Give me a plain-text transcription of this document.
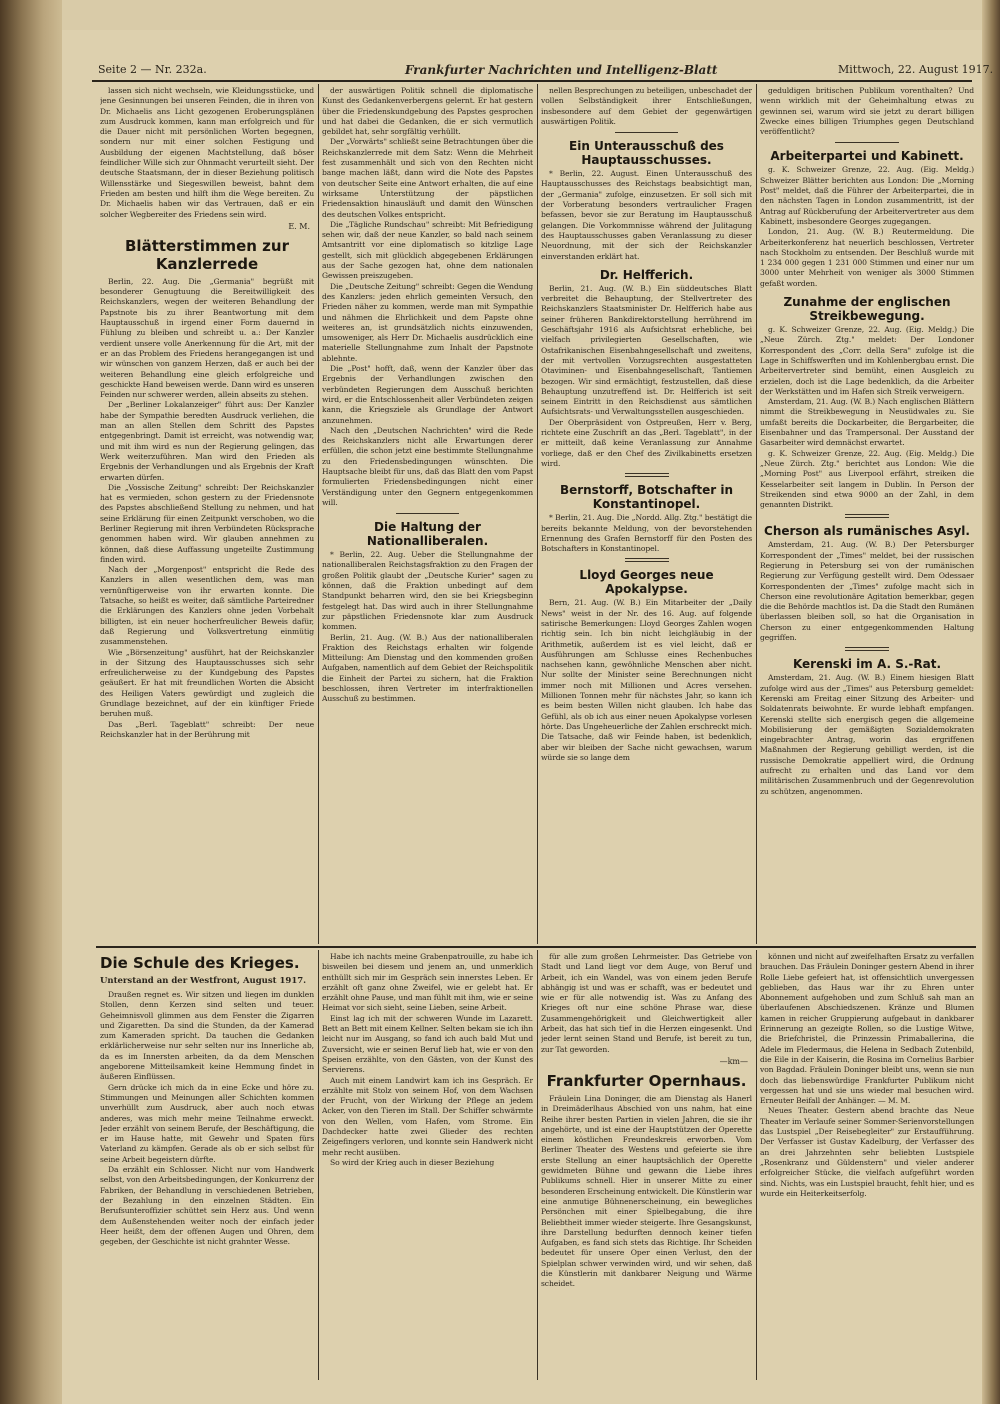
Seite 2 — Nr. 232a.	Frankfurter Nachrichten und Intelligenz-Blatt	Mittwoch, 22. August 1917.

lassen sich nicht wechseln, wie Kleidungsstücke, und jene Gesinnungen bei unseren Feinden, die in ihren von Dr. Michaelis ans Licht gezogenen Eroberungsplänen zum Ausdruck kommen, kann man erfolgreich und für die Dauer nicht mit persönlichen Worten begegnen, sondern nur mit einer solchen Festigung und Ausbildung der eigenen Machtstellung, daß böser feindlicher Wille sich zur Ohnmacht verurteilt sieht. Der deutsche Staatsmann, der in dieser Beziehung politisch Willensstärke und Siegeswillen beweist, bahnt dem Frieden am besten und hilft ihm die Wege bereiten. Zu Dr. Michaelis haben wir das Vertrauen, daß er ein solcher Wegbereiter des Friedens sein wird.

E. M.
Blätterstimmen zur Kanzlerrede

Berlin, 22. Aug. Die „Germania" begrüßt mit besonderer Genugtuung die Bereitwilligkeit des Reichskanzlers, wegen der weiteren Behandlung der Papstnote bis zu ihrer Beantwortung mit dem Hauptausschuß in irgend einer Form dauernd in Fühlung zu bleiben und schreibt u. a.: Der Kanzler verdient unsere volle Anerkennung für die Art, mit der er an das Problem des Friedens herangegangen ist und wir wünschen von ganzem Herzen, daß er auch bei der weiteren Behandlung eine gleich erfolgreiche und geschickte Hand beweisen werde. Dann wird es unseren Feinden nur schwerer werden, allein abseits zu stehen.

Der „Berliner Lokalanzeiger" führt aus: Der Kanzler habe der Sympathie beredten Ausdruck verliehen, die man an allen Stellen dem Schritt des Papstes entgegenbringt. Damit ist erreicht, was notwendig war, und mit ihm wird es nun der Regierung gelingen, das Werk weiterzuführen. Man wird den Frieden als Ergebnis der Verhandlungen und als Ergebnis der Kraft erwarten dürfen.

Die „Vossische Zeitung" schreibt: Der Reichskanzler hat es vermieden, schon gestern zu der Friedensnote des Papstes abschließend Stellung zu nehmen, und hat seine Erklärung für einen Zeitpunkt verschoben, wo die Berliner Regierung mit ihren Verbündeten Rücksprache genommen haben wird. Wir glauben annehmen zu können, daß diese Auffassung ungeteilte Zustimmung finden wird.

Nach der „Morgenpost" entspricht die Rede des Kanzlers in allen wesentlichen dem, was man vernünftigerweise von ihr erwarten konnte. Die Tatsache, so heißt es weiter, daß sämtliche Parteiredner die Erklärungen des Kanzlers ohne jeden Vorbehalt billigten, ist ein neuer hocherfreulicher Beweis dafür, daß Regierung und Volksvertretung einmütig zusammenstehen.

Wie „Börsenzeitung" ausführt, hat der Reichskanzler in der Sitzung des Hauptausschusses sich sehr erfreulicherweise zu der Kundgebung des Papstes geäußert. Er hat mit freundlichen Worten die Absicht des Heiligen Vaters gewürdigt und zugleich die Grundlage bezeichnet, auf der ein künftiger Friede beruhen muß.

Das „Berl. Tageblatt" schreibt: Der neue Reichskanzler hat in der Berührung mit

der auswärtigen Politik schnell die diplomatische Kunst des Gedankenverbergens gelernt. Er hat gestern über die Friedenskundgebung des Papstes gesprochen und hat dabei die Gedanken, die er sich vermutlich gebildet hat, sehr sorgfältig verhüllt.

Der „Vorwärts" schließt seine Betrachtungen über die Reichskanzlerrede mit dem Satz: Wenn die Mehrheit fest zusammenhält und sich von den Rechten nicht bange machen läßt, dann wird die Note des Papstes von deutscher Seite eine Antwort erhalten, die auf eine wirksame Unterstützung der päpstlichen Friedensaktion hinausläuft und damit den Wünschen des deutschen Volkes entspricht.

Die „Tägliche Rundschau" schreibt: Mit Befriedigung sehen wir, daß der neue Kanzler, so bald nach seinem Amtsantritt vor eine diplomatisch so kitzlige Lage gestellt, sich mit glücklich abgegebenen Erklärungen aus der Sache gezogen hat, ohne dem nationalen Gewissen preiszugeben.

Die „Deutsche Zeitung" schreibt: Gegen die Wendung des Kanzlers: jeden ehrlich gemeinten Versuch, den Frieden näher zu kommen, werde man mit Sympathie und nähmen die Ehrlichkeit und dem Papste ohne weiteres an, ist grundsätzlich nichts einzuwenden, umsoweniger, als Herr Dr. Michaelis ausdrücklich eine materielle Stellungnahme zum Inhalt der Papstnote ablehnte.

Die „Post" hofft, daß, wenn der Kanzler über das Ergebnis der Verhandlungen zwischen den verbündeten Regierungen dem Ausschuß berichten wird, er die Entschlossenheit aller Verbündeten zeigen kann, die Kriegsziele als Grundlage der Antwort anzunehmen.

Nach den „Deutschen Nachrichten" wird die Rede des Reichskanzlers nicht alle Erwartungen derer erfüllen, die schon jetzt eine bestimmte Stellungnahme zu den Friedensbedingungen wünschten. Die Hauptsache bleibt für uns, daß das Blatt den vom Papst formulierten Friedensbedingungen nicht einer Verständigung unter den Gegnern entgegenkommen will.

Die Haltung der Nationalliberalen.

* Berlin, 22. Aug. Ueber die Stellungnahme der nationalliberalen Reichstagsfraktion zu den Fragen der großen Politik glaubt der „Deutsche Kurier" sagen zu können, daß die Fraktion unbedingt auf dem Standpunkt beharren wird, den sie bei Kriegsbeginn festgelegt hat. Das wird auch in ihrer Stellungnahme zur päpstlichen Friedensnote klar zum Ausdruck kommen.

Berlin, 21. Aug. (W. B.) Aus der nationalliberalen Fraktion des Reichstags erhalten wir folgende Mitteilung: Am Dienstag und den kommenden großen Aufgaben, namentlich auf dem Gebiet der Reichspolitik die Einheit der Partei zu sichern, hat die Fraktion beschlossen, ihren Vertreter im interfraktionellen Ausschuß zu bestimmen.

nellen Besprechungen zu beteiligen, unbeschadet der vollen Selbständigkeit ihrer Entschließungen, insbesondere auf dem Gebiet der gegenwärtigen auswärtigen Politik.

Ein Unterausschuß des Hauptausschusses.

* Berlin, 22. August. Einen Unterausschuß des Hauptausschusses des Reichstags beabsichtigt man, der „Germania" zufolge, einzusetzen. Er soll sich mit der Vorberatung besonders vertraulicher Fragen befassen, bevor sie zur Beratung im Hauptausschuß gelangen. Die Vorkommnisse während der Julitagung des Hauptausschusses gaben Veranlassung zu dieser Neuordnung, mit der sich der Reichskanzler einverstanden erklärt hat.

Dr. Helfferich.

Berlin, 21. Aug. (W. B.) Ein süddeutsches Blatt verbreitet die Behauptung, der Stellvertreter des Reichskanzlers Staatsminister Dr. Helfferich habe aus seiner früheren Bankdirektorstellung herrührend im Geschäftsjahr 1916 als Aufsichtsrat erhebliche, bei vielfach privilegierten Gesellschaften, wie Ostafrikanischen Eisenbahngesellschaft und zweitens, der mit vertvollen Vorzugsrechten ausgestatteten Otaviminen- und Eisenbahngesellschaft, Tantiemen bezogen. Wir sind ermächtigt, festzustellen, daß diese Behauptung unzutreffend ist. Dr. Helfferich ist seit seinem Eintritt in den Reichsdienst aus sämtlichen Aufsichtsrats- und Verwaltungsstellen ausgeschieden.

Der Oberpräsident von Ostpreußen, Herr v. Berg, richtete eine Zuschrift an das „Berl. Tageblatt", in der er mitteilt, daß keine Veranlassung zur Annahme vorliege, daß er den Chef des Zivilkabinetts ersetzen wird.

Bernstorff, Botschafter in Konstantinopel.

* Berlin, 21. Aug. Die „Nordd. Allg. Ztg." bestätigt die bereits bekannte Meldung, von der bevorstehenden Ernennung des Grafen Bernstorff für den Posten des Botschafters in Konstantinopel.

Lloyd Georges neue Apokalypse.

Bern, 21. Aug. (W. B.) Ein Mitarbeiter der „Daily News" weist in der Nr. des 16. Aug. auf folgende satirische Bemerkungen: Lloyd Georges Zahlen wogen richtig sein. Ich bin nicht leichgläubig in der Arithmetik, außerdem ist es viel leicht, daß er Ausführungen am Schlusse eines Rechenbuches nachsehen kann, gewöhnliche Menschen aber nicht. Nur sollte der Minister seine Berechnungen nicht immer noch mit Millionen und Acres versehen. Millionen Tonnen mehr für nächstes Jahr, so kann ich es beim besten Willen nicht glauben. Ich habe das Gefühl, als ob ich aus einer neuen Apokalypse vorlesen hörte. Das Ungeheuerliche der Zahlen erschreckt mich. Die Tatsache, daß wir Feinde haben, ist bedenklich, aber wir bleiben der Sache nicht gewachsen, warum würde sie so lange dem

geduldigen britischen Publikum vorenthalten? Und wenn wirklich mit der Geheimhaltung etwas zu gewinnen sei, warum wird sie jetzt zu derart billigen Zwecke eines billigen Triumphes gegen Deutschland veröffentlicht?

Arbeiterpartei und Kabinett.

g. K. Schweizer Grenze, 22. Aug. (Eig. Meldg.) Schweizer Blätter berichten aus London: Die „Morning Post" meldet, daß die Führer der Arbeiterpartei, die in den nächsten Tagen in London zusammentritt, ist der Antrag auf Rückberufung der Arbeitervertreter aus dem Kabinett, insbesondere Georges zugegangen.

London, 21. Aug. (W. B.) Reutermeldung. Die Arbeiterkonferenz hat neuerlich beschlossen, Vertreter nach Stockholm zu entsenden. Der Beschluß wurde mit 1 234 000 gegen 1 231 000 Stimmen und einer nur um 3000 unter Mehrheit von weniger als 3000 Stimmen gefaßt worden.

Zunahme der englischen Streikbewegung.

g. K. Schweizer Grenze, 22. Aug. (Eig. Meldg.) Die „Neue Zürch. Ztg." meldet: Der Londoner Korrespondent des „Corr. della Sera" zufolge ist die Lage in Schiffswerften und im Kohlenbergbau ernst. Die Arbeitervertreter sind bemüht, einen Ausgleich zu erzielen, doch ist die Lage bedenklich, da die Arbeiter der Werkstätten und im Hafen sich Streik verweigern.

Amsterdam, 21. Aug. (W. B.) Nach englischen Blättern nimmt die Streikbewegung in Neusüdwales zu. Sie umfaßt bereits die Dockarbeiter, die Bergarbeiter, die Eisenbahner und das Trampersonal. Der Ausstand der Gasarbeiter wird demnächst erwartet.

g. K. Schweizer Grenze, 22. Aug. (Eig. Meldg.) Die „Neue Zürch. Ztg." berichtet aus London: Wie die „Morning Post" aus Liverpool erfährt, streiken die Kesselarbeiter seit langem in Dublin. In Person der Streikenden sind etwa 9000 an der Zahl, in dem genannten Distrikt.

Cherson als rumänisches Asyl.

Amsterdam, 21. Aug. (W. B.) Der Petersburger Korrespondent der „Times" meldet, bei der russischen Regierung in Petersburg sei von der rumänischen Regierung zur Verfügung gestellt wird. Dem Odessaer Korrespondenten der „Times" zufolge macht sich in Cherson eine revolutionäre Agitation bemerkbar, gegen die die Behörde machtlos ist. Da die Stadt den Rumänen überlassen bleiben soll, so hat die Organisation in Cherson zu einer entgegenkommenden Haltung gegriffen.

Kerenski im A. S.-Rat.

Amsterdam, 21. Aug. (W. B.) Einem hiesigen Blatt zufolge wird aus der „Times" aus Petersburg gemeldet: Kerenski am Freitag einer Sitzung des Arbeiter- und Soldatenrats beiwohnte. Er wurde lebhaft empfangen. Kerenski stellte sich energisch gegen die allgemeine Mobilisierung der gemäßigten Sozialdemokraten eingebrachter Antrag, worin das ergriffenen Maßnahmen der Regierung gebilligt werden, ist die russische Demokratie appelliert wird, die Ordnung aufrecht zu erhalten und das Land vor dem militärischen Zusammenbruch und der Gegenrevolution zu schützen, angenommen.

Die Schule des Krieges.
Unterstand an der Westfront, August 1917.

Draußen regnet es. Wir sitzen und liegen im dunklen Stollen, denn Kerzen sind selten und teuer. Geheimnisvoll glimmen aus dem Fenster die Zigarren und Zigaretten. Da sind die Stunden, da der Kamerad zum Kameraden spricht. Da tauchen die Gedanken erklärlicherweise nur sehr selten nur ins Innerliche ab, da es im Innersten arbeiten, da da dem Menschen angeborene Mitteilsamkeit keine Hemmung findet in äußeren Einflüssen.

Gern drücke ich mich da in eine Ecke und höre zu. Stimmungen und Meinungen aller Schichten kommen unverhüllt zum Ausdruck, aber auch noch etwas anderes, was mich mehr meine Teilnahme erweckt. Jeder erzählt von seinem Berufe, der Beschäftigung, die er im Hause hatte, mit Gewehr und Spaten fürs Vaterland zu kämpfen. Gerade als ob er sich selbst für seine Arbeit begeistern dürfte.

Da erzählt ein Schlosser. Nicht nur vom Handwerk selbst, von den Arbeitsbedingungen, der Konkurrenz der Fabriken, der Behandlung in verschiedenen Betrieben, der Bezahlung in den einzelnen Städten. Ein Berufsunteroffizier schüttet sein Herz aus. Und wenn dem Außenstehenden weiter noch der einfach jeder Heer heißt, dem der offenen Augen und Ohren, dem gegeben, der Geschichte ist nicht grahnter Wesse.

Habe ich nachts meine Grabenpatrouille, zu habe ich bisweilen bei diesem und jenem an, und unmerklich enthüllt sich mir im Gespräch sein innerstes Leben. Er erzählt oft ganz ohne Zweifel, wie er gelebt hat. Er erzählt ohne Pause, und man fühlt mit ihm, wie er seine Heimat vor sich sieht, seine Lieben, seine Arbeit.

Einst lag ich mit der schweren Wunde im Lazarett. Bett an Bett mit einem Kellner. Selten bekam sie ich ihn leicht nur im Ausgang, so fand ich auch bald Mut und Zuversicht, wie er seinen Beruf lieb hat, wie er von den Speisen erzählte, von den Gästen, von der Kunst des Servierens.

Auch mit einem Landwirt kam ich ins Gespräch. Er erzählte mit Stolz von seinem Hof, von dem Wachsen der Frucht, von der Wirkung der Pflege an jedem Acker, von den Tieren im Stall. Der Schiffer schwärmte von den Wellen, vom Hafen, vom Strome. Ein Dachdecker hatte zwei Glieder des rechten Zeigefingers verloren, und konnte sein Handwerk nicht mehr recht ausüben.

So wird der Krieg auch in dieser Beziehung

für alle zum großen Lehrmeister. Das Getriebe von Stadt und Land liegt vor dem Auge, von Beruf und Arbeit, ich ein Wandel, was von einem jeden Berufe abhängig ist und was er schafft, was er bedeutet und wie er für alle notwendig ist. Was zu Anfang des Krieges oft nur eine schöne Phrase war, diese Zusammengehörigkeit und Gleichwertigkeit aller Arbeit, das hat sich tief in die Herzen eingesenkt. Und jeder lernt seinen Stand und Berufe, ist bereit zu tun, zur Tat geworden.

—km—
Frankfurter Opernhaus.

Fräulein Lina Doninger, die am Dienstag als Hanerl in Dreimäderlhaus Abschied von uns nahm, hat eine Reihe ihrer besten Partien in vielen Jahren, die sie ihr angehörte, und ist eine der Hauptstützen der Operette einem köstlichen Freundeskreis erworben. Vom Berliner Theater des Westens und gefeierte sie ihre erste Stellung an einer hauptsächlich der Operette gewidmeten Bühne und gewann die Liebe ihres Publikums schnell. Hier in unserer Mitte zu einer besonderen Erscheinung entwickelt. Die Künstlerin war eine anmutige Bühnenerscheinung, ein bewegliches Persönchen mit einer Spielbegabung, die ihre Beliebtheit immer wieder steigerte. Ihre Gesangskunst, ihre Darstellung bedurften dennoch keiner tiefen Aufgaben, es fand sich stets das Richtige. Ihr Scheiden bedeutet für unsere Oper einen Verlust, den der Spielplan schwer verwinden wird, und wir sehen, daß die Künstlerin mit dankbarer Neigung und Wärme scheidet.

können und nicht auf zweifelhaften Ersatz zu verfallen brauchen. Das Fräulein Doninger gestern Abend in ihrer Rolle Liebe gefeiert hat, ist offensichtlich unvergessen geblieben, das Haus war ihr zu Ehren unter Abonnement aufgehoben und zum Schluß sah man an überlaufenen Abschiedszenen. Kränze und Blumen kamen in reicher Gruppierung aufgebaut in dankbarer Erinnerung an gezeigte Rollen, so die Lustige Witwe, die Briefchristel, die Prinzessin Primaballerina, die Adele im Fledermaus, die Helena in Sedbach Zutenbild, die Eile in der Kaiserin, die Rosina im Cornelius Barbier von Bagdad. Fräulein Doninger bleibt uns, wenn sie nun doch das liebenswürdige Frankfurter Publikum nicht vergessen hat und sie uns wieder mal besuchen wird. Erneuter Beifall der Anhänger. — M. M.

Neues Theater. Gestern abend brachte das Neue Theater im Verlaufe seiner Sommer-Serienvorstellungen das Lustspiel „Der Reisebegleiter" zur Erstaufführung. Der Verfasser ist Gustav Kadelburg, der Verfasser des an drei Jahrzehnten sehr beliebten Lustspiele „Rosenkranz und Güldenstern" und vieler anderer erfolgreicher Stücke, die vielfach aufgeführt worden sind. Nichts, was ein Lustspiel braucht, fehlt hier, und es wurde ein Heiterkeitserfolg.
